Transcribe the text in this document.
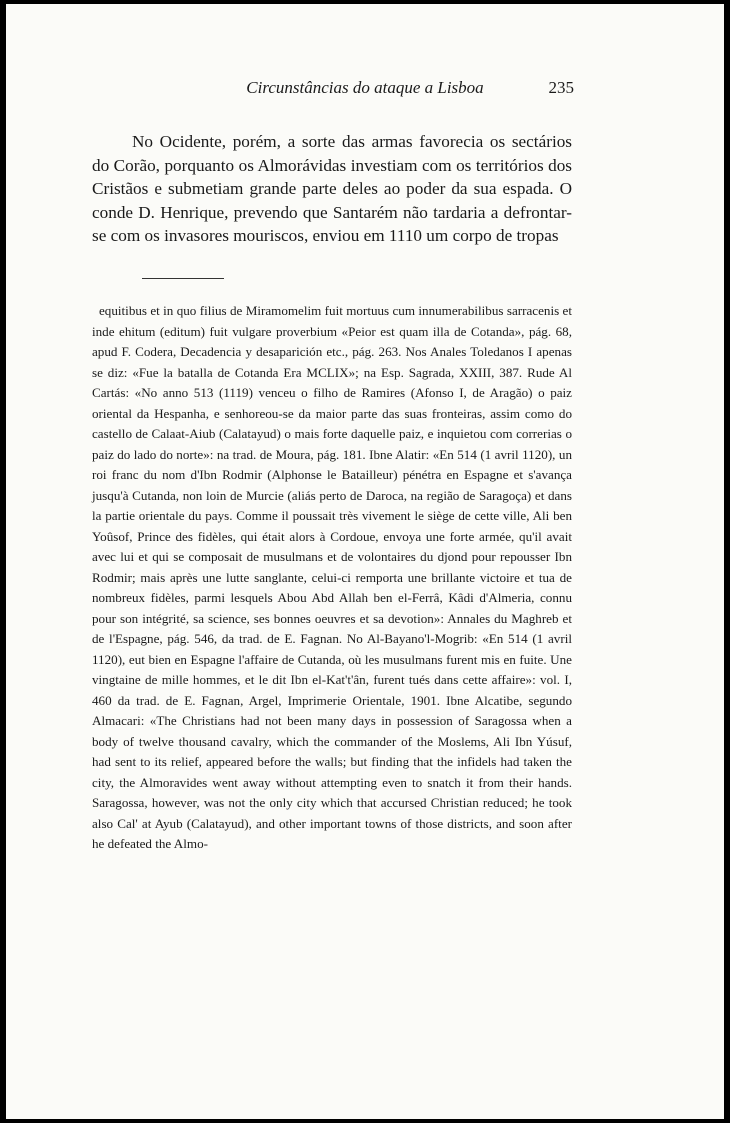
Circunstâncias do ataque a Lisboa	235

No Ocidente, porém, a sorte das armas favorecia os sectários do Corão, porquanto os Almorávidas investiam com os territórios dos Cristãos e submetiam grande parte deles ao poder da sua espada. O conde D. Henrique, prevendo que Santarém não tardaria a defrontar-se com os invasores mouriscos, enviou em 1110 um corpo de tropas

equitibus et in quo filius de Miramomelim fuit mortuus cum innumerabilibus sarracenis et inde ehitum (editum) fuit vulgare proverbium «Peior est quam illa de Cotanda», pág. 68, apud F. Codera, Decadencia y desaparición etc., pág. 263. Nos Anales Toledanos I apenas se diz: «Fue la batalla de Cotanda Era MCLIX»; na Esp. Sagrada, XXIII, 387. Rude Al Cartás: «No anno 513 (1119) venceu o filho de Ramires (Afonso I, de Aragão) o paiz oriental da Hespanha, e senhoreou-se da maior parte das suas fronteiras, assim como do castello de Calaat-Aiub (Calatayud) o mais forte daquelle paiz, e inquietou com correrias o paiz do lado do norte»: na trad. de Moura, pág. 181. Ibne Alatir: «En 514 (1 avril 1120), un roi franc du nom d'Ibn Rodmir (Alphonse le Batailleur) pénétra en Espagne et s'avança jusqu'à Cutanda, non loin de Murcie (aliás perto de Daroca, na região de Saragoça) et dans la partie orientale du pays. Comme il poussait très vivement le siège de cette ville, Ali ben Yoûsof, Prince des fidèles, qui était alors à Cordoue, envoya une forte armée, qu'il avait avec lui et qui se composait de musulmans et de volontaires du djond pour repousser Ibn Rodmir; mais après une lutte sanglante, celui-ci remporta une brillante victoire et tua de nombreux fidèles, parmi lesquels Abou Abd Allah ben el-Ferrâ, Kâdi d'Almeria, connu pour son intégrité, sa science, ses bonnes oeuvres et sa devotion»: Annales du Maghreb et de l'Espagne, pág. 546, da trad. de E. Fagnan. No Al-Bayano'l-Mogrib: «En 514 (1 avril 1120), eut bien en Espagne l'affaire de Cutanda, où les musulmans furent mis en fuite. Une vingtaine de mille hommes, et le dit Ibn el-Kat't'ân, furent tués dans cette affaire»: vol. I, 460 da trad. de E. Fagnan, Argel, Imprimerie Orientale, 1901. Ibne Alcatibe, segundo Almacari: «The Christians had not been many days in possession of Saragossa when a body of twelve thousand cavalry, which the commander of the Moslems, Ali Ibn Yúsuf, had sent to its relief, appeared before the walls; but finding that the infidels had taken the city, the Almoravides went away without attempting even to snatch it from their hands. Saragossa, however, was not the only city which that accursed Christian reduced; he took also Cal' at Ayub (Calatayud), and other important towns of those districts, and soon after he defeated the Almo-
